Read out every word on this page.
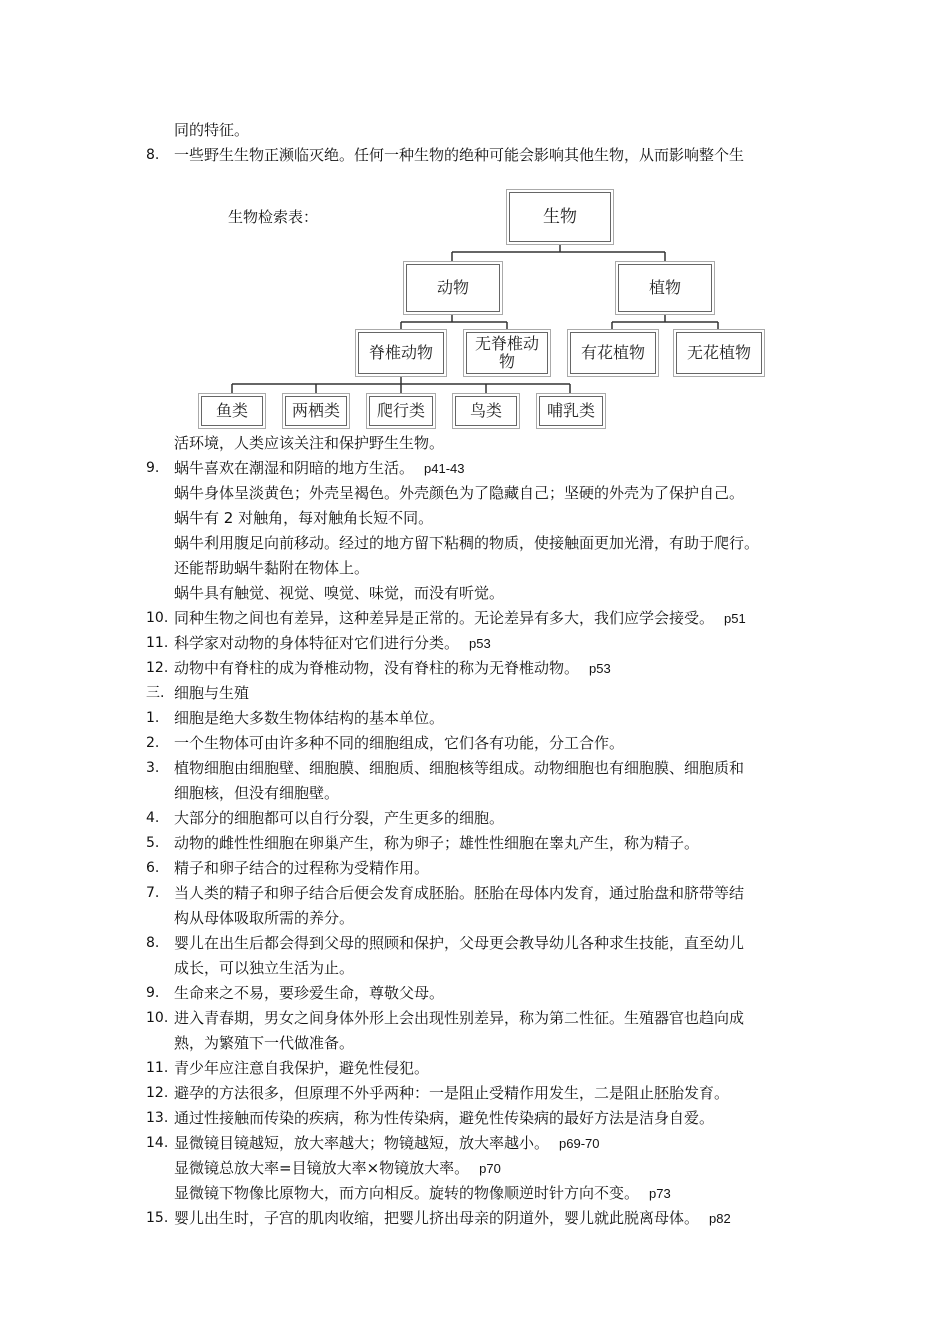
8.
同的特征。
一些野生生物正濒临灭绝。任何一种生物的绝种可能会影响其他生物，从而影响整个生
生物检索表：	生物
动物	植物
脊椎动物	无脊椎动物	有花植物	无花植物
鱼类	两栖类	爬行类	鸟类	哺乳类
活环境，人类应该关注和保护野生生物。
9. 蜗牛喜欢在潮湿和阴暗的地方生活。 p41-43
蜗牛身体呈淡黄色；外壳呈褐色。外壳颜色为了隐藏自己；坚硬的外壳为了保护自己。
蜗牛有 2 对触角，每对触角长短不同。
蜗牛利用腹足向前移动。经过的地方留下粘稠的物质，使接触面更加光滑，有助于爬行。
还能帮助蜗牛黏附在物体上。
蜗牛具有触觉、视觉、嗅觉、味觉，而没有听觉。
10. 同种生物之间也有差异，这种差异是正常的。无论差异有多大，我们应学会接受。 p51
11. 科学家对动物的身体特征对它们进行分类。 p53
12. 动物中有脊柱的成为脊椎动物，没有脊柱的称为无脊椎动物。 p53
三. 细胞与生殖
1. 细胞是绝大多数生物体结构的基本单位。
2. 一个生物体可由许多种不同的细胞组成，它们各有功能，分工合作。
3. 植物细胞由细胞壁、细胞膜、细胞质、细胞核等组成。动物细胞也有细胞膜、细胞质和
细胞核，但没有细胞壁。
4. 大部分的细胞都可以自行分裂，产生更多的细胞。
5. 动物的雌性性细胞在卵巢产生，称为卵子；雄性性细胞在睾丸产生，称为精子。
6. 精子和卵子结合的过程称为受精作用。
7. 当人类的精子和卵子结合后便会发育成胚胎。胚胎在母体内发育，通过胎盘和脐带等结
构从母体吸取所需的养分。
8. 婴儿在出生后都会得到父母的照顾和保护，父母更会教导幼儿各种求生技能，直至幼儿
成长，可以独立生活为止。
9. 生命来之不易，要珍爱生命，尊敬父母。
10. 进入青春期，男女之间身体外形上会出现性别差异，称为第二性征。生殖器官也趋向成
熟，为繁殖下一代做准备。
11. 青少年应注意自我保护，避免性侵犯。
12. 避孕的方法很多，但原理不外乎两种：一是阻止受精作用发生，二是阻止胚胎发育。
13. 通过性接触而传染的疾病，称为性传染病，避免性传染病的最好方法是洁身自爱。
14. 显微镜目镜越短，放大率越大；物镜越短，放大率越小。 p69-70
显微镜总放大率=目镜放大率×物镜放大率。 p70
显微镜下物像比原物大，而方向相反。旋转的物像顺逆时针方向不变。 p73
15. 婴儿出生时，子宫的肌肉收缩，把婴儿挤出母亲的阴道外，婴儿就此脱离母体。 p82
